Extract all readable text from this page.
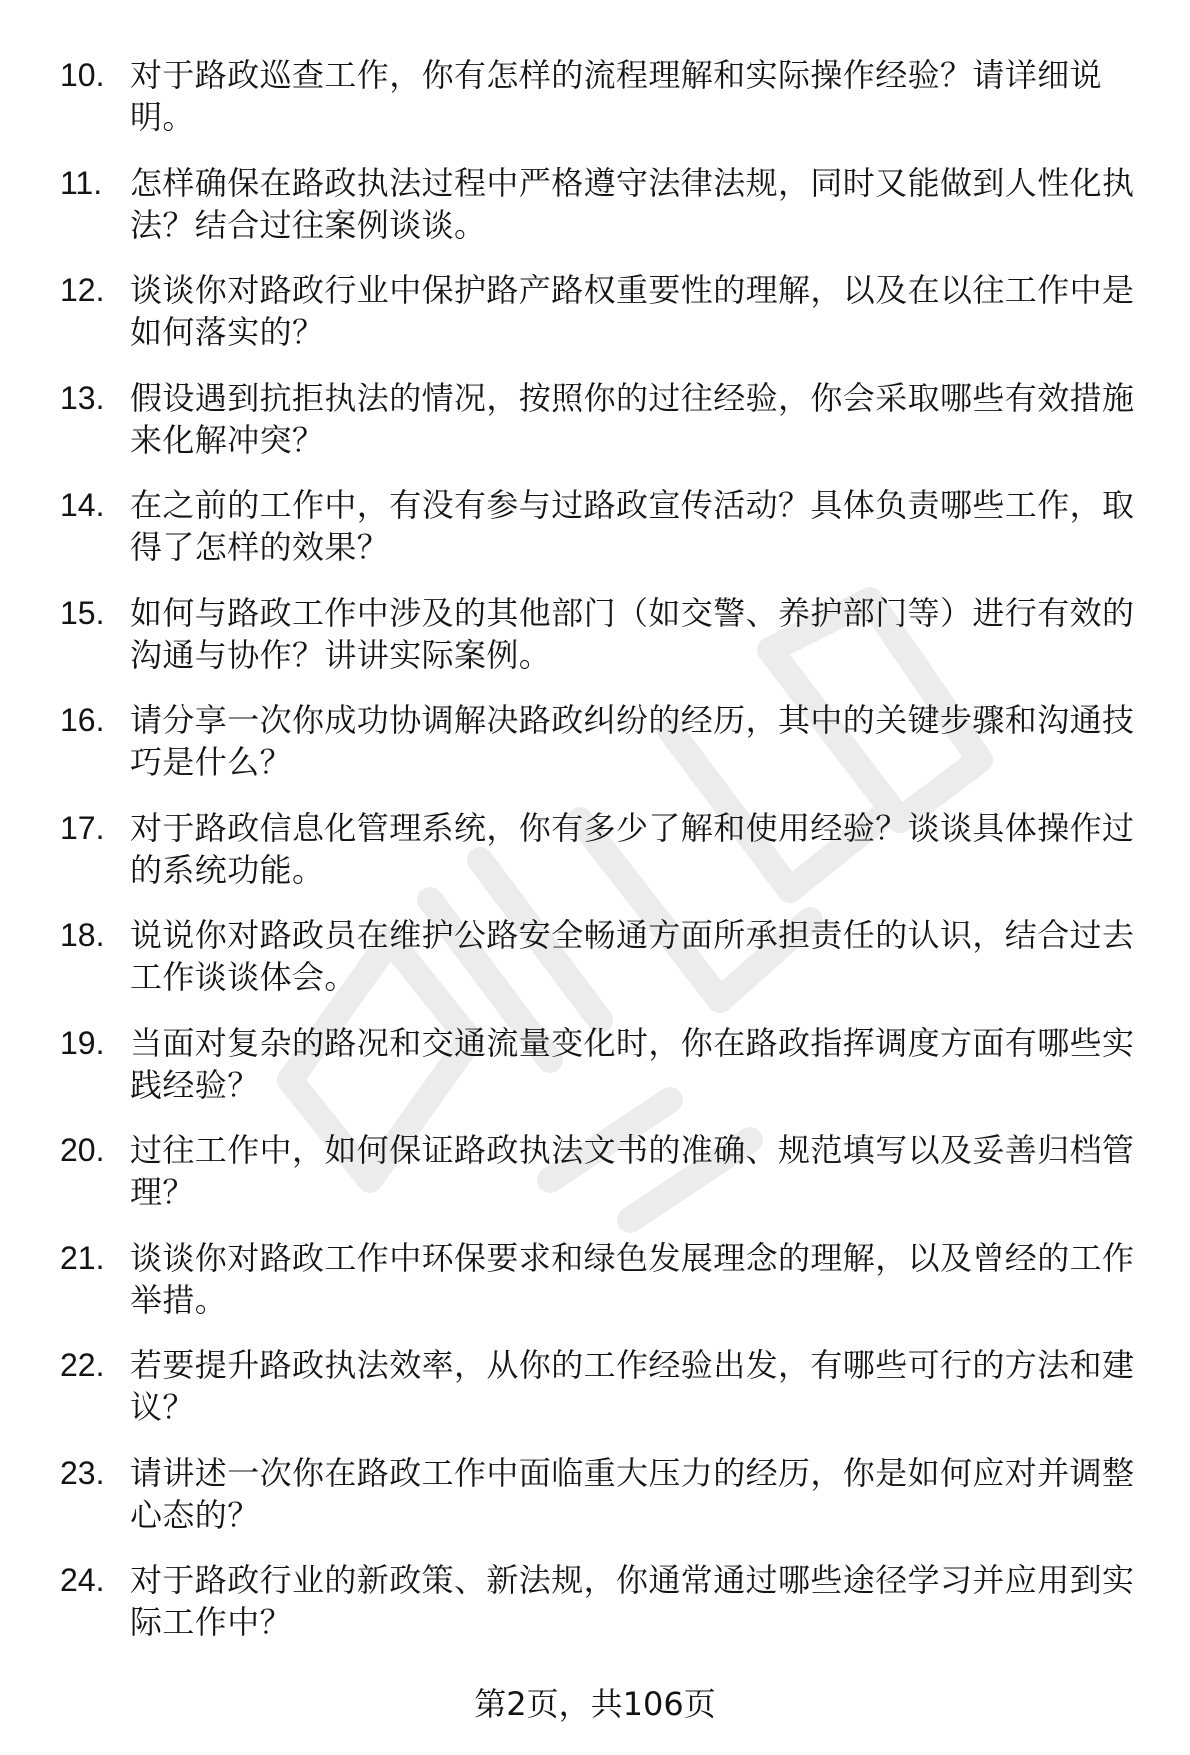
10. 对于路政巡查工作，你有怎样的流程理解和实际操作经验？请详细说明。
11. 怎样确保在路政执法过程中严格遵守法律法规，同时又能做到人性化执法？结合过往案例谈谈。
12. 谈谈你对路政行业中保护路产路权重要性的理解，以及在以往工作中是如何落实的？
13. 假设遇到抗拒执法的情况，按照你的过往经验，你会采取哪些有效措施来化解冲突？
14. 在之前的工作中，有没有参与过路政宣传活动？具体负责哪些工作，取得了怎样的效果？
15. 如何与路政工作中涉及的其他部门（如交警、养护部门等）进行有效的沟通与协作？讲讲实际案例。
16. 请分享一次你成功协调解决路政纠纷的经历，其中的关键步骤和沟通技巧是什么？
17. 对于路政信息化管理系统，你有多少了解和使用经验？谈谈具体操作过的系统功能。
18. 说说你对路政员在维护公路安全畅通方面所承担责任的认识，结合过去工作谈谈体会。
19. 当面对复杂的路况和交通流量变化时，你在路政指挥调度方面有哪些实践经验？
20. 过往工作中，如何保证路政执法文书的准确、规范填写以及妥善归档管理？
21. 谈谈你对路政工作中环保要求和绿色发展理念的理解，以及曾经的工作举措。
22. 若要提升路政执法效率，从你的工作经验出发，有哪些可行的方法和建议？
23. 请讲述一次你在路政工作中面临重大压力的经历，你是如何应对并调整心态的？
24. 对于路政行业的新政策、新法规，你通常通过哪些途径学习并应用到实际工作中？
第2页，共106页
